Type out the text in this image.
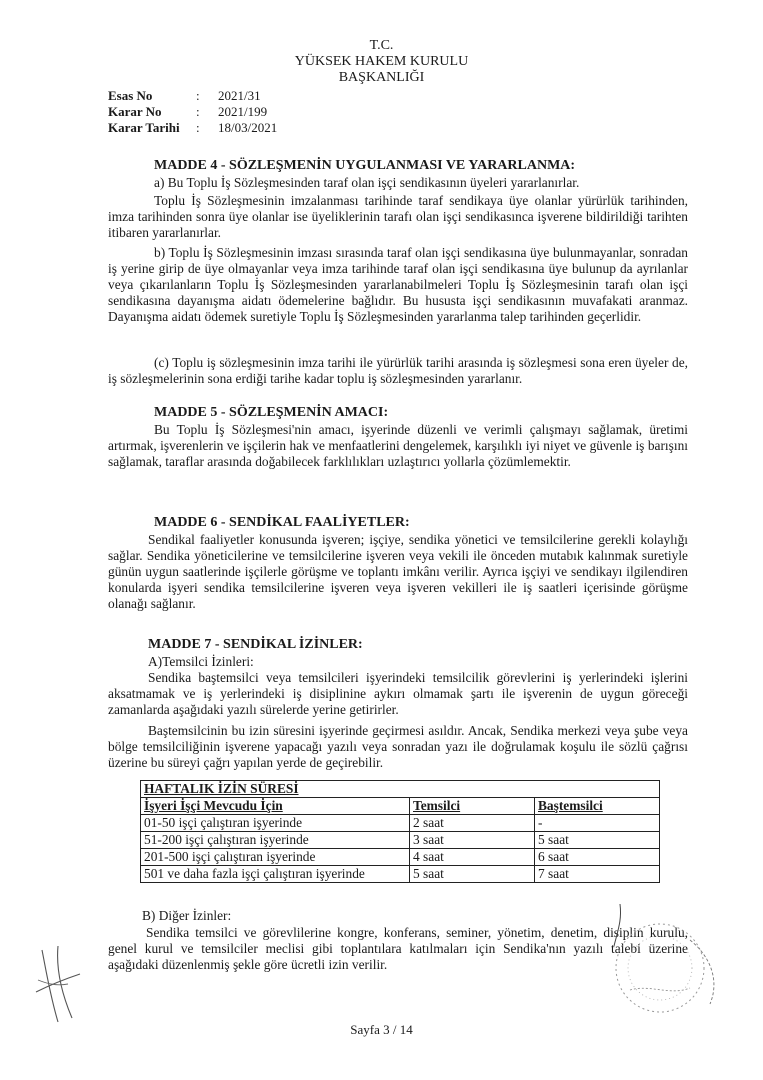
T.C.
YÜKSEK HAKEM KURULU
BAŞKANLIĞI
Esas No	: 2021/31
Karar No	: 2021/199
Karar Tarihi : 18/03/2021
MADDE 4 - SÖZLEŞMENİN UYGULANMASI VE YARARLANMA:
a) Bu Toplu İş Sözleşmesinden taraf olan işçi sendikasının üyeleri yararlanırlar.
Toplu İş Sözleşmesinin imzalanması tarihinde taraf sendikaya üye olanlar yürürlük tarihinden, imza tarihinden sonra üye olanlar ise üyeliklerinin tarafı olan işçi sendikasınca işverene bildirildiği tarihten itibaren yararlanırlar.
b) Toplu İş Sözleşmesinin imzası sırasında taraf olan işçi sendikasına üye bulunmayanlar, sonradan iş yerine girip de üye olmayanlar veya imza tarihinde taraf olan işçi sendikasına üye bulunup da ayrılanlar veya çıkarılanların Toplu İş Sözleşmesinden yararlanabilmeleri Toplu İş Sözleşmesinin tarafı olan işçi sendikasına dayanışma aidatı ödemelerine bağlıdır. Bu hususta işçi sendikasının muvafakati aranmaz. Dayanışma aidatı ödemek suretiyle Toplu İş Sözleşmesinden yararlanma talep tarihinden geçerlidir.
(c) Toplu iş sözleşmesinin imza tarihi ile yürürlük tarihi arasında iş sözleşmesi sona eren üyeler de, iş sözleşmelerinin sona erdiği tarihe kadar toplu iş sözleşmesinden yararlanır.
MADDE 5 - SÖZLEŞMENİN AMACI:
Bu Toplu İş Sözleşmesi'nin amacı, işyerinde düzenli ve verimli çalışmayı sağlamak, üretimi artırmak, işverenlerin ve işçilerin hak ve menfaatlerini dengelemek, karşılıklı iyi niyet ve güvenle iş barışını sağlamak, taraflar arasında doğabilecek farklılıkları uzlaştırıcı yollarla çözümlemektir.
MADDE 6 - SENDİKAL FAALİYETLER:
Sendikal faaliyetler konusunda işveren; işçiye, sendika yönetici ve temsilcilerine gerekli kolaylığı sağlar. Sendika yöneticilerine ve temsilcilerine işveren veya vekili ile önceden mutabık kalınmak suretiyle günün uygun saatlerinde işçilerle görüşme ve toplantı imkânı verilir. Ayrıca işçiyi ve sendikayı ilgilendiren konularda işyeri sendika temsilcilerine işveren veya işveren vekilleri ile iş saatleri içerisinde görüşme olanağı sağlanır.
MADDE 7 - SENDİKAL İZİNLER:
A)Temsilci İzinleri:
Sendika baştemsilci veya temsilcileri işyerindeki temsilcilik görevlerini iş yerlerindeki işlerini aksatmamak ve iş yerlerindeki iş disiplinine aykırı olmamak şartı ile işverenin de uygun göreceği zamanlarda aşağıdaki yazılı sürelerde yerine getirirler.
Baştemsilcinin bu izin süresini işyerinde geçirmesi asıldır. Ancak, Sendika merkezi veya şube veya bölge temsilciliğinin işverene yapacağı yazılı veya sonradan yazı ile doğrulamak koşulu ile sözlü çağrısı üzerine bu süreyi çağrı yapılan yerde de geçirebilir.
HAFTALIK İZİN SÜRESİ		
İşyeri İşçi Mevcudu İçin	Temsilci	Baştemsilci
01-50 işçi çalıştıran işyerinde	2 saat	-
51-200 işçi çalıştıran işyerinde	3 saat	5 saat
201-500 işçi çalıştıran işyerinde	4 saat	6 saat
501 ve daha fazla işçi çalıştıran işyerinde	5 saat	7 saat
B) Diğer İzinler:
Sendika temsilci ve görevlilerine kongre, konferans, seminer, yönetim, denetim, disiplin kurulu, genel kurul ve temsilciler meclisi gibi toplantılara katılmaları için Sendika'nın yazılı talebi üzerine aşağıdaki düzenlenmiş şekle göre ücretli izin verilir.
Sayfa 3 / 14
